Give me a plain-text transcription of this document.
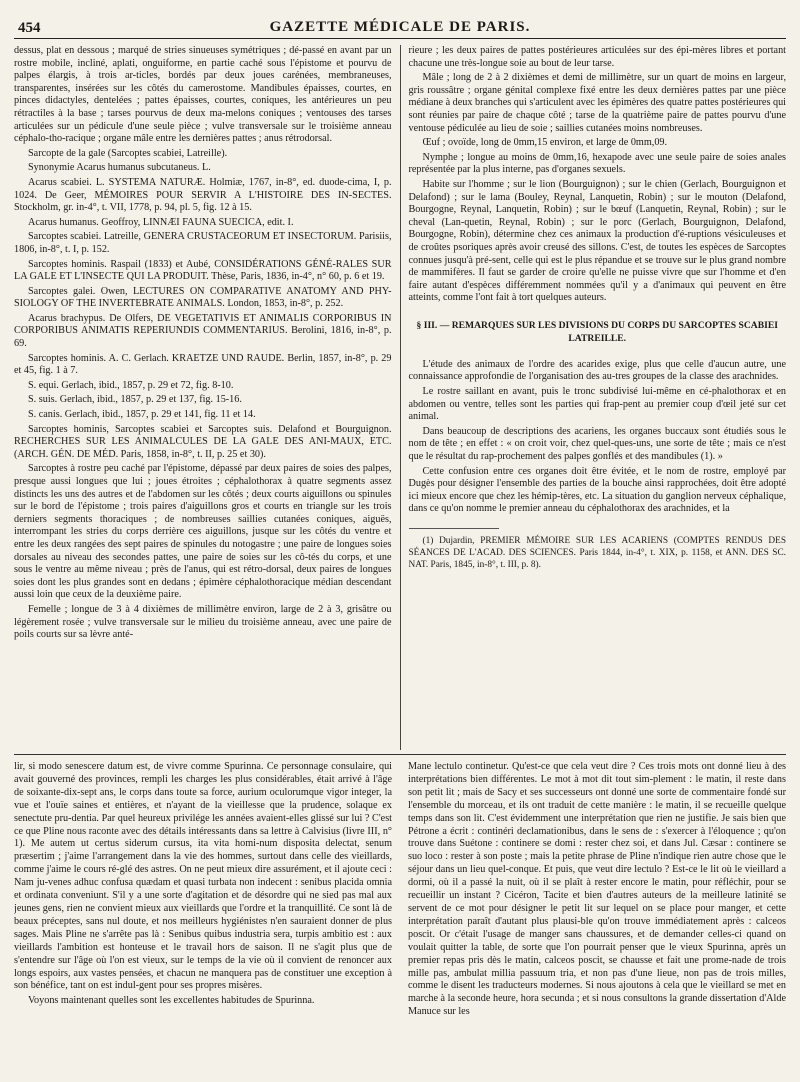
454	GAZETTE MÉDICALE DE PARIS.

dessus, plat en dessous ; marqué de stries sinueuses symétriques ; dé-passé en avant par un rostre mobile, incliné, aplati, onguiforme, en partie caché sous l'épistome et pourvu de palpes élargis, à trois ar-ticles, bordés par deux joues carénées, membraneuses, transparentes, insérées sur les côtés du camerostome. Mandibules épaisses, courtes, en pinces didactyles, dentelées ; pattes épaisses, courtes, coniques, les antérieures un peu rétractiles à la base ; tarses pourvus de deux ma-melons coniques ; ventouses des tarses articulées sur un pédicule d'une seule pièce ; vulve transversale sur le troisième anneau céphalo-tho-racique ; organe mâle entre les dernières pattes ; anus rétrodorsal.

Sarcopte de la gale (Sarcoptes scabiei, Latreille).

Synonymie Acarus humanus subcutaneus. L.

Acarus scabiei. L. SYSTEMA NATURÆ. Holmiæ, 1767, in-8°, ed. duode-cima, I, p. 1024. De Geer, MÉMOIRES POUR SERVIR A L'HISTOIRE DES IN-SECTES. Stockholm, gr. in-4°, t. VII, 1778, p. 94, pl. 5, fig. 12 à 15.

Acarus humanus. Geoffroy, LINNÆI FAUNA SUECICA, edit. I.

Sarcoptes scabiei. Latreille, GENERA CRUSTACEORUM ET INSECTORUM. Parisiis, 1806, in-8°, t. I, p. 152.

Sarcoptes hominis. Raspail (1833) et Aubé, CONSIDÉRATIONS GÉNÉ-RALES SUR LA GALE ET L'INSECTE QUI LA PRODUIT. Thèse, Paris, 1836, in-4°, n° 60, p. 6 et 19.

Sarcoptes galei. Owen, LECTURES ON COMPARATIVE ANATOMY AND PHY-SIOLOGY OF THE INVERTEBRATE ANIMALS. London, 1853, in-8°, p. 252.

Acarus brachypus. De Olfers, DE VEGETATIVIS ET ANIMALIS CORPORIBUS IN CORPORIBUS ANIMATIS REPERIUNDIS COMMENTARIUS. Berolini, 1816, in-8°, p. 69.

Sarcoptes hominis. A. C. Gerlach. KRAETZE UND RAUDE. Berlin, 1857, in-8°, p. 29 et 45, fig. 1 à 7.

S. equi. Gerlach, ibid., 1857, p. 29 et 72, fig. 8-10.

S. suis. Gerlach, ibid., 1857, p. 29 et 137, fig. 15-16.

S. canis. Gerlach, ibid., 1857, p. 29 et 141, fig. 11 et 14.

Sarcoptes hominis, Sarcoptes scabiei et Sarcoptes suis. Delafond et Bourguignon. RECHERCHES SUR LES ANIMALCULES DE LA GALE DES ANI-MAUX, ETC. (ARCH. GÉN. DE MÉD. Paris, 1858, in-8°, t. II, p. 25 et 30).

Sarcoptes à rostre peu caché par l'épistome, dépassé par deux paires de soies des palpes, presque aussi longues que lui ; joues étroites ; céphalothorax à quatre segments assez distincts les uns des autres et de l'abdomen sur les côtés ; deux courts aiguillons ou spinules sur le bord de l'épistome ; trois paires d'aiguillons gros et courts en triangle sur les trois derniers segments thoraciques ; de nombreuses saillies cutanées coniques, aiguës, interrompant les stries du corps derrière ces aiguillons, jusque sur les côtés du ventre et entre les deux rangées des sept paires de spinules du notogastre ; une paire de longues soies dorsales au niveau des secondes pattes, une paire de soies sur les cô-tés du corps, et une sous le ventre au même niveau ; près de l'anus, qui est rétro-dorsal, deux paires de longues soies dont les plus grandes sont en dedans ; épimère céphalothoracique médian descendant aussi loin que ceux de la deuxième paire.

Femelle ; longue de 3 à 4 dixièmes de millimètre environ, large de 2 à 3, grisâtre ou légèrement rosée ; vulve transversale sur le milieu du troisième anneau, avec une paire de poils courts sur sa lèvre anté-

rieure ; les deux paires de pattes postérieures articulées sur des épi-mères libres et portant chacune une très-longue soie au bout de leur tarse.

Mâle ; long de 2 à 2 dixièmes et demi de millimètre, sur un quart de moins en largeur, gris roussâtre ; organe génital complexe fixé entre les deux dernières pattes par une pièce médiane à deux branches qui s'articulent avec les épimères des quatre pattes postérieures qui sont réunies par paire de chaque côté ; tarse de la quatrième paire de pattes pourvu d'une ventouse pédiculée au lieu de soie ; saillies cutanées moins nombreuses.

Œuf ; ovoïde, long de 0mm,15 environ, et large de 0mm,09.

Nymphe ; longue au moins de 0mm,16, hexapode avec une seule paire de soies anales représentée par la plus interne, pas d'organes sexuels.

Habite sur l'homme ; sur le lion (Bourguignon) ; sur le chien (Gerlach, Bourguignon et Delafond) ; sur le lama (Bouley, Reynal, Lanquetin, Robin) ; sur le mouton (Delafond, Bourgogne, Reynal, Lanquetin, Robin) ; sur le bœuf (Lanquetin, Reynal, Robin) ; sur le cheval (Lan-quetin, Reynal, Robin) ; sur le porc (Gerlach, Bourguignon, Delafond, Bourgogne, Robin), détermine chez ces animaux la production d'é-ruptions vésiculeuses et de croûtes psoriques après avoir creusé des sillons. C'est, de toutes les espèces de Sarcoptes connues jusqu'à pré-sent, celle qui est le plus répandue et se trouve sur le plus grand nombre de mammifères. Il faut se garder de croire qu'elle ne puisse vivre que sur l'homme et d'en faire autant d'espèces différemment nommées qu'il y a d'animaux qui peuvent en être atteints, comme l'ont fait à tort quelques auteurs.

§ III. — REMARQUES SUR LES DIVISIONS DU CORPS DU SARCOPTES SCABIEI LATREILLE.

L'étude des animaux de l'ordre des acarides exige, plus que celle d'aucun autre, une connaissance approfondie de l'organisation des au-tres groupes de la classe des arachnides.

Le rostre saillant en avant, puis le tronc subdivisé lui-même en cé-phalothorax et en abdomen ou ventre, telles sont les parties qui frap-pent au premier coup d'œil jeté sur cet animal.

Dans beaucoup de descriptions des acariens, les organes buccaux sont étudiés sous le nom de tête ; en effet : « on croit voir, chez quel-ques-uns, une sorte de tête ; mais ce n'est que le résultat du rap-prochement des palpes gonflés et des mandibules (1). »

Cette confusion entre ces organes doit être évitée, et le nom de rostre, employé par Dugès pour désigner l'ensemble des parties de la bouche ainsi rapprochées, doit être adopté ici mieux encore que chez les hémip-tères, etc. La situation du ganglion nerveux céphalique, dans ce qu'on nomme le premier anneau du céphalothorax des arachnides, et la

(1) Dujardin, PREMIER MÉMOIRE SUR LES ACARIENS (COMPTES RENDUS DES SÉANCES DE L'ACAD. DES SCIENCES. Paris 1844, in-4°, t. XIX, p. 1158, et ANN. DES SC. NAT. Paris, 1845, in-8°, t. III, p. 8).

lir, si modo senescere datum est, de vivre comme Spurinna. Ce personnage consulaire, qui avait gouverné des provinces, rempli les charges les plus considérables, était arrivé à l'âge de soixante-dix-sept ans, le corps dans toute sa force, aurium oculorumque vigor integer, la vue et l'ouïe saines et entières, et n'ayant de la vieillesse que la prudence, solaque ex senectute pru-dentia. Par quel heureux privilége les années avaient-elles glissé sur lui ? C'est ce que Pline nous raconte avec des détails intéressants dans sa lettre à Calvisius (livre III, n° 1). Me autem ut certus siderum cursus, ita vita homi-num disposita delectat, senum præsertim ; j'aime l'arrangement dans la vie des hommes, surtout dans celle des vieillards, comme j'aime le cours ré-glé des astres. On ne peut mieux dire assurément, et il ajoute ceci : Nam ju-venes adhuc confusa quædam et quasi turbata non indecent : senibus placida omnia et ordinata conveniunt. S'il y a une sorte d'agitation et de désordre qui ne sied pas mal aux jeunes gens, rien ne convient mieux aux vieillards que l'ordre et la tranquillité. Ce sont là de beaux préceptes, sans nul doute, et nos meilleurs hygiénistes n'en sauraient donner de plus sages. Mais Pline ne s'arrête pas là : Senibus quibus industria sera, turpis ambitio est : aux vieillards l'ambition est honteuse et le travail hors de saison. Il ne s'agit plus que de s'entendre sur l'âge où l'on est vieux, sur le temps de la vie où il convient de renoncer aux longs espoirs, aux vastes pensées, et chacun ne manquera pas de constituer une exception à son bénéfice, tant on est indul-gent pour ses propres misères.

Voyons maintenant quelles sont les excellentes habitudes de Spurinna.

Mane lectulo continetur. Qu'est-ce que cela veut dire ? Ces trois mots ont donné lieu à des interprétations bien différentes. Le mot à mot dit tout sim-plement : le matin, il reste dans son petit lit ; mais de Sacy et ses successeurs ont donné une sorte de commentaire fondé sur l'ensemble du morceau, et ils ont traduit de cette manière : le matin, il se recueille quelque temps dans son lit. C'est évidemment une interprétation que rien ne justifie. Je sais bien que Pétrone a écrit : continéri declamationibus, dans le sens de : s'exercer à l'éloquence ; qu'on trouve dans Suétone : continere se domi : rester chez soi, et dans Jul. Cæsar : continere se suo loco : rester à son poste ; mais la petite phrase de Pline n'indique rien autre chose que le séjour dans un lieu quel-conque. Et puis, que veut dire lectulo ? Est-ce le lit où le vieillard a dormi, où il a passé la nuit, où il se plaît à rester encore le matin, pour réfléchir, pour se recueillir un instant ? Cicéron, Tacite et bien d'autres auteurs de la meilleure latinité se servent de ce mot pour désigner le petit lit sur lequel on se place pour manger, et cette interprétation paraît d'autant plus plausi-ble qu'on trouve immédiatement après : calceos poscit. Or c'était l'usage de manger sans chaussures, et de demander celles-ci quand on voulait quitter la table, de sorte que l'on pourrait penser que le vieux Spurinna, après un premier repas pris dès le matin, calceos poscit, se chausse et fait une prome-nade de trois mille pas, ambulat millia passuum tria, et non pas d'une lieue, non pas de trois milles, comme le disent les traducteurs modernes. Si nous ajoutons à cela que le vieillard se met en marche à la seconde heure, hora secunda ; et si nous consultons la grande dissertation d'Alde Manuce sur les
